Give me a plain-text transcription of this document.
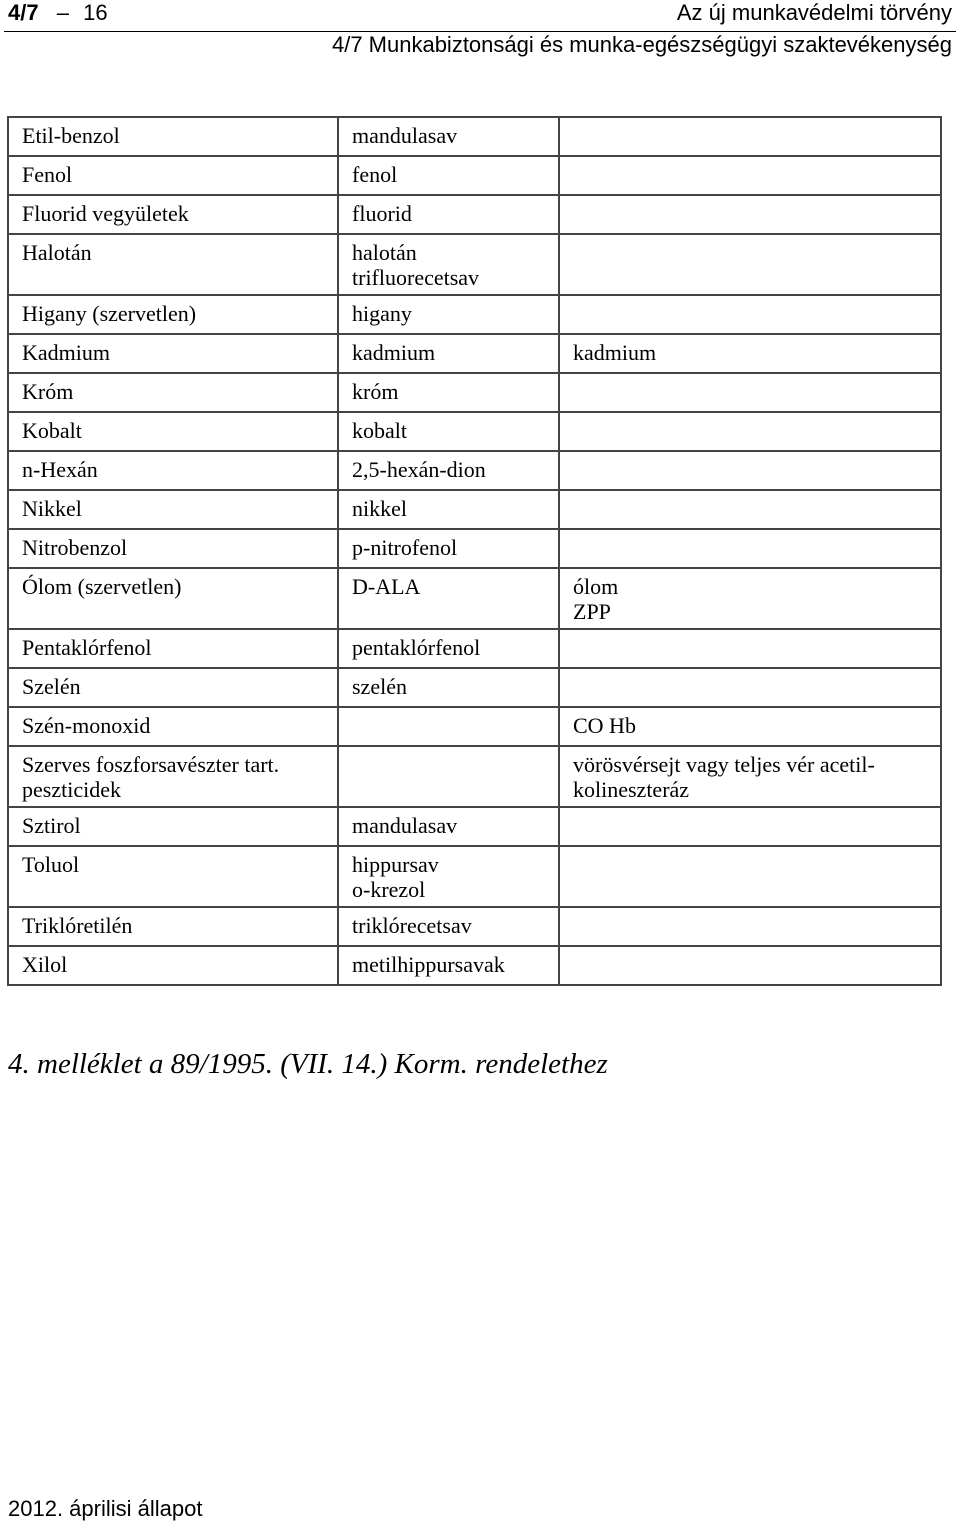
4/7 – 16	Az új munkavédelmi törvény
4/7 Munkabiztonsági és munka-egészségügyi szaktevékenység
Etil-benzol	mandulasav	

Fenol	fenol	

Fluorid vegyületek	fluorid	

Halotán	halotán
trifluorecetsav	

Higany (szervetlen)	higany	

Kadmium	kadmium	kadmium

Króm	króm	

Kobalt	kobalt	

n-Hexán	2,5-hexán-dion	

Nikkel	nikkel	

Nitrobenzol	p-nitrofenol	

Ólom (szervetlen)	D-ALA	ólom
ZPP

Pentaklórfenol	pentaklórfenol	

Szelén	szelén	

Szén-monoxid		CO Hb

Szerves foszforsavészter tart. peszticidek		vörösvérsejt vagy teljes vér acetil-kolineszteráz

Sztirol	mandulasav	

Toluol	hippursav
o-krezol	

Triklóretilén	triklórecetsav	

Xilol	metilhippursavak	

4. melléklet a 89/1995. (VII. 14.) Korm. rendelethez
2012. áprilisi állapot
